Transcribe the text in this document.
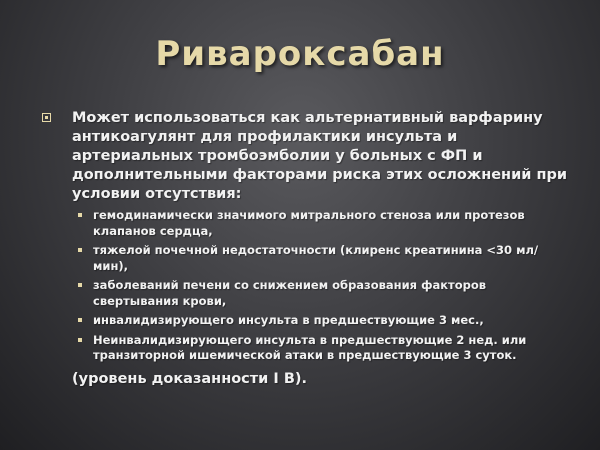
Ривароксабан
Может использоваться как альтернативный варфарину антикоагулянт для профилактики инсульта и артериальных тромбоэмболии у больных с ФП и дополнительными факторами риска этих осложнений при условии отсутствия:
гемодинамически значимого митрального стеноза или протезов клапанов сердца,
тяжелой почечной недостаточности (клиренс креатинина <30 мл/мин),
заболеваний печени со снижением образования факторов свертывания крови,
инвалидизирующего инсульта в предшествующие 3 мес.,
Неинвалидизирующего инсульта в предшествующие 2 нед. или транзиторной ишемической атаки в предшествующие 3 суток.
(уровень доказанности I B).
